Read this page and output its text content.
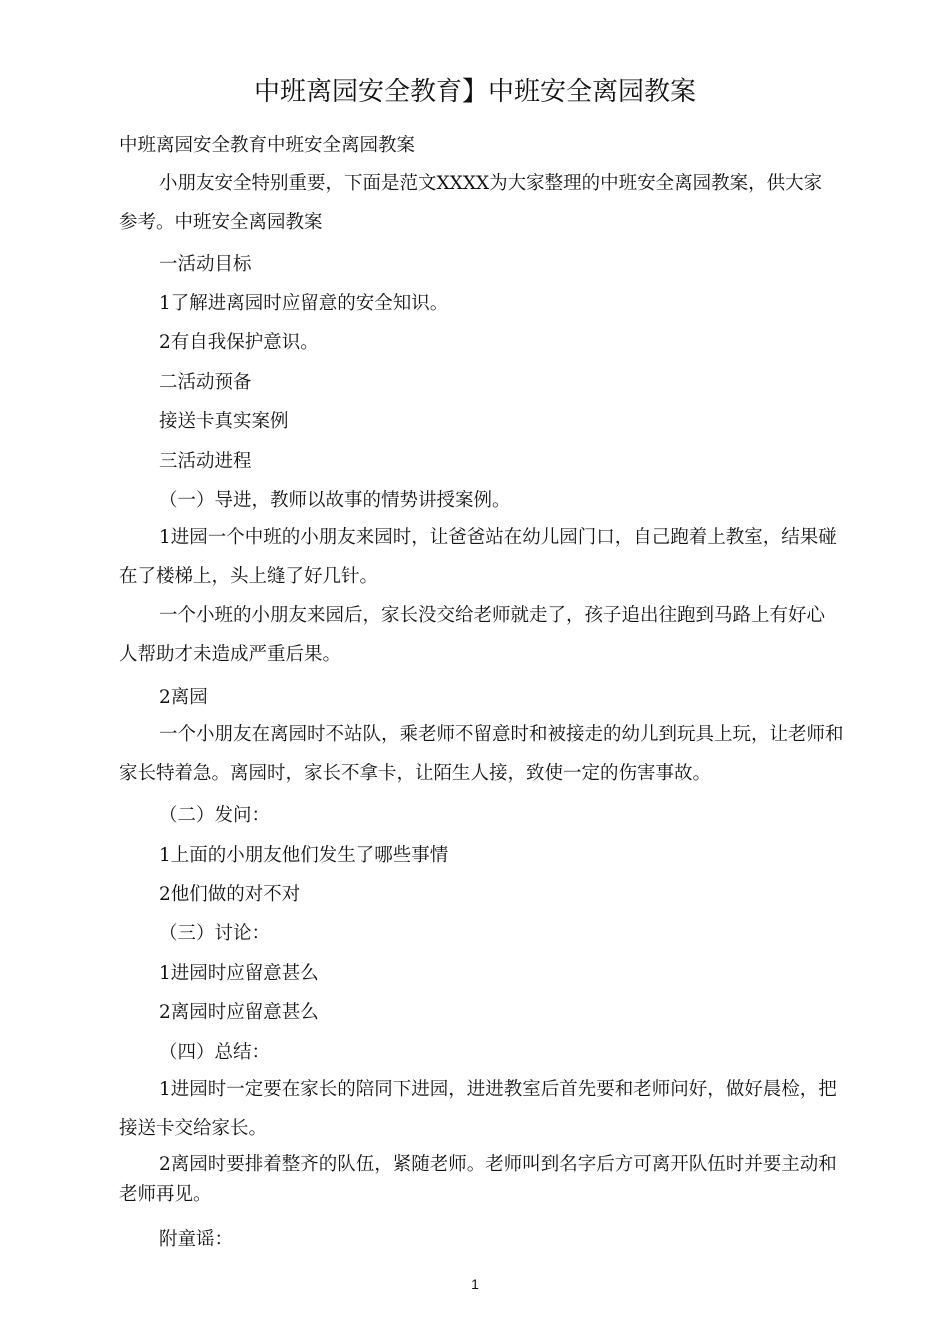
中班离园安全教育】中班安全离园教案
中班离园安全教育中班安全离园教案
小朋友安全特别重要，下面是范文XXXX为大家整理的中班安全离园教案，供大家参考。中班安全离园教案
一活动目标
1了解进离园时应留意的安全知识。
2有自我保护意识。
二活动预备
接送卡真实案例
三活动进程
（一）导进，教师以故事的情势讲授案例。
1进园一个中班的小朋友来园时，让爸爸站在幼儿园门口，自己跑着上教室，结果碰在了楼梯上，头上缝了好几针。
一个小班的小朋友来园后，家长没交给老师就走了，孩子追出往跑到马路上有好心人帮助才未造成严重后果。
2离园
一个小朋友在离园时不站队，乘老师不留意时和被接走的幼儿到玩具上玩，让老师和家长特着急。离园时，家长不拿卡，让陌生人接，致使一定的伤害事故。
（二）发问：
1上面的小朋友他们发生了哪些事情
2他们做的对不对
（三）讨论：
1进园时应留意甚么
2离园时应留意甚么
（四）总结：
1进园时一定要在家长的陪同下进园，进进教室后首先要和老师问好，做好晨检，把接送卡交给家长。
2离园时要排着整齐的队伍，紧随老师。老师叫到名字后方可离开队伍时并要主动和老师再见。
附童谣：
1
